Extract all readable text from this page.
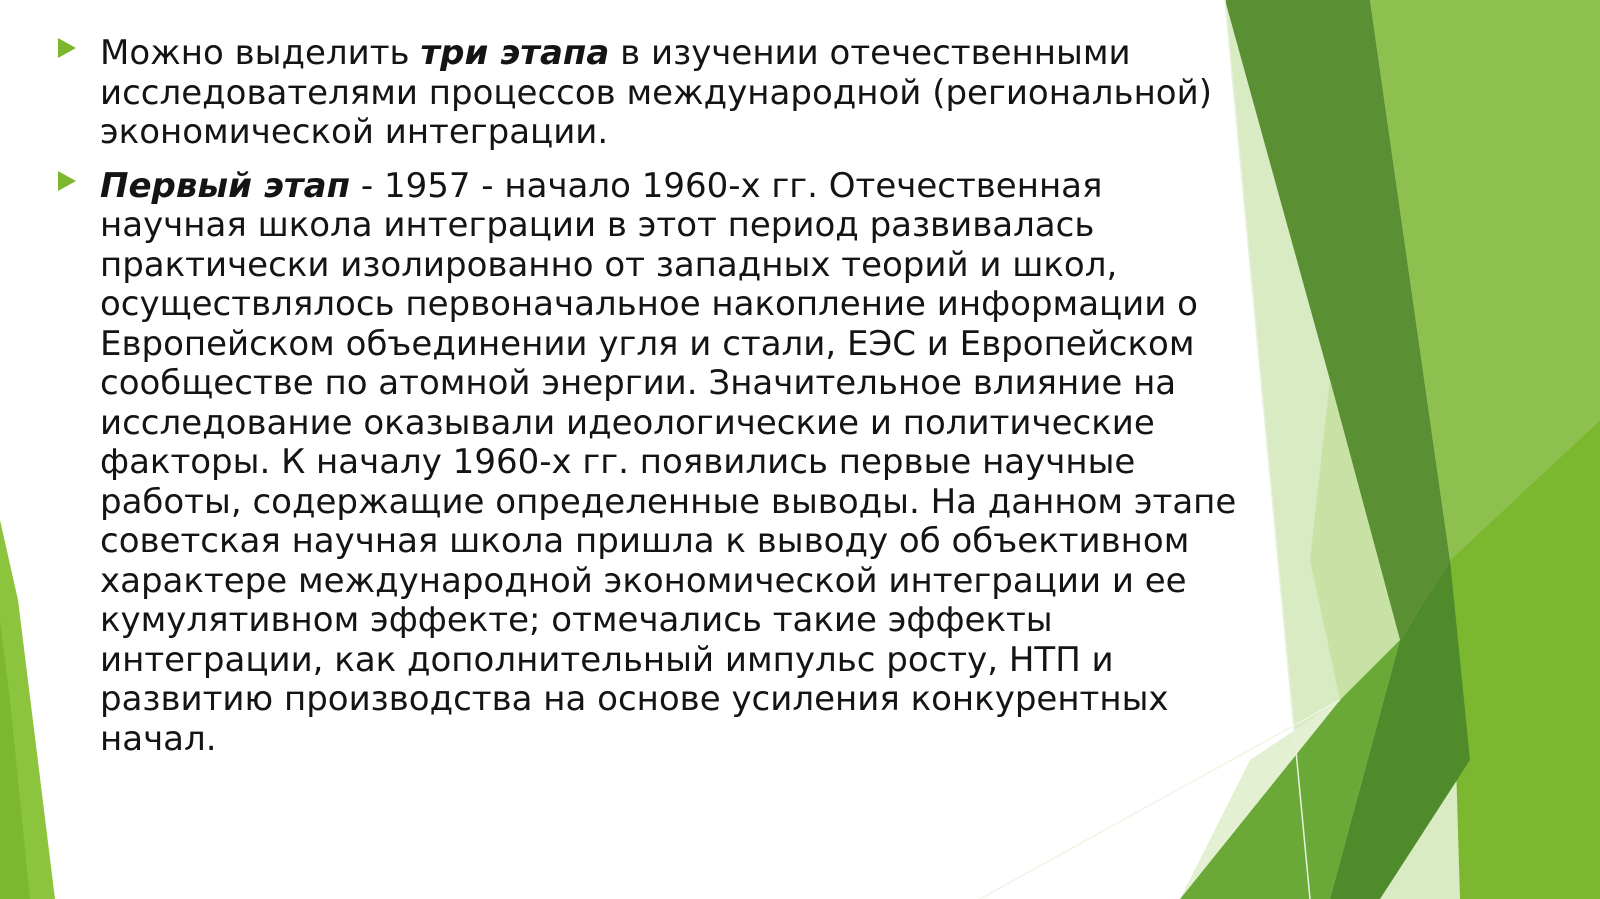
Можно выделить три этапа в изучении отечественными исследователями процессов международной (региональной) экономической интеграции.

Первый этап - 1957 - начало 1960-х гг. Отечественная научная школа интеграции в этот период развивалась практически изолированно от западных теорий и школ, осуществлялось первоначальное накопление информации о Европейском объединении угля и стали, ЕЭС и Европейском сообществе по атомной энергии. Значительное влияние на исследование оказывали идеологические и политические факторы. К началу 1960-х гг. появились первые научные работы, содержащие определенные выводы. На данном этапе советская научная школа пришла к выводу об объективном характере международной экономической интеграции и ее кумулятивном эффекте; отмечались такие эффекты интеграции, как дополнительный импульс росту, НТП и развитию производства на основе усиления конкурентных начал.
